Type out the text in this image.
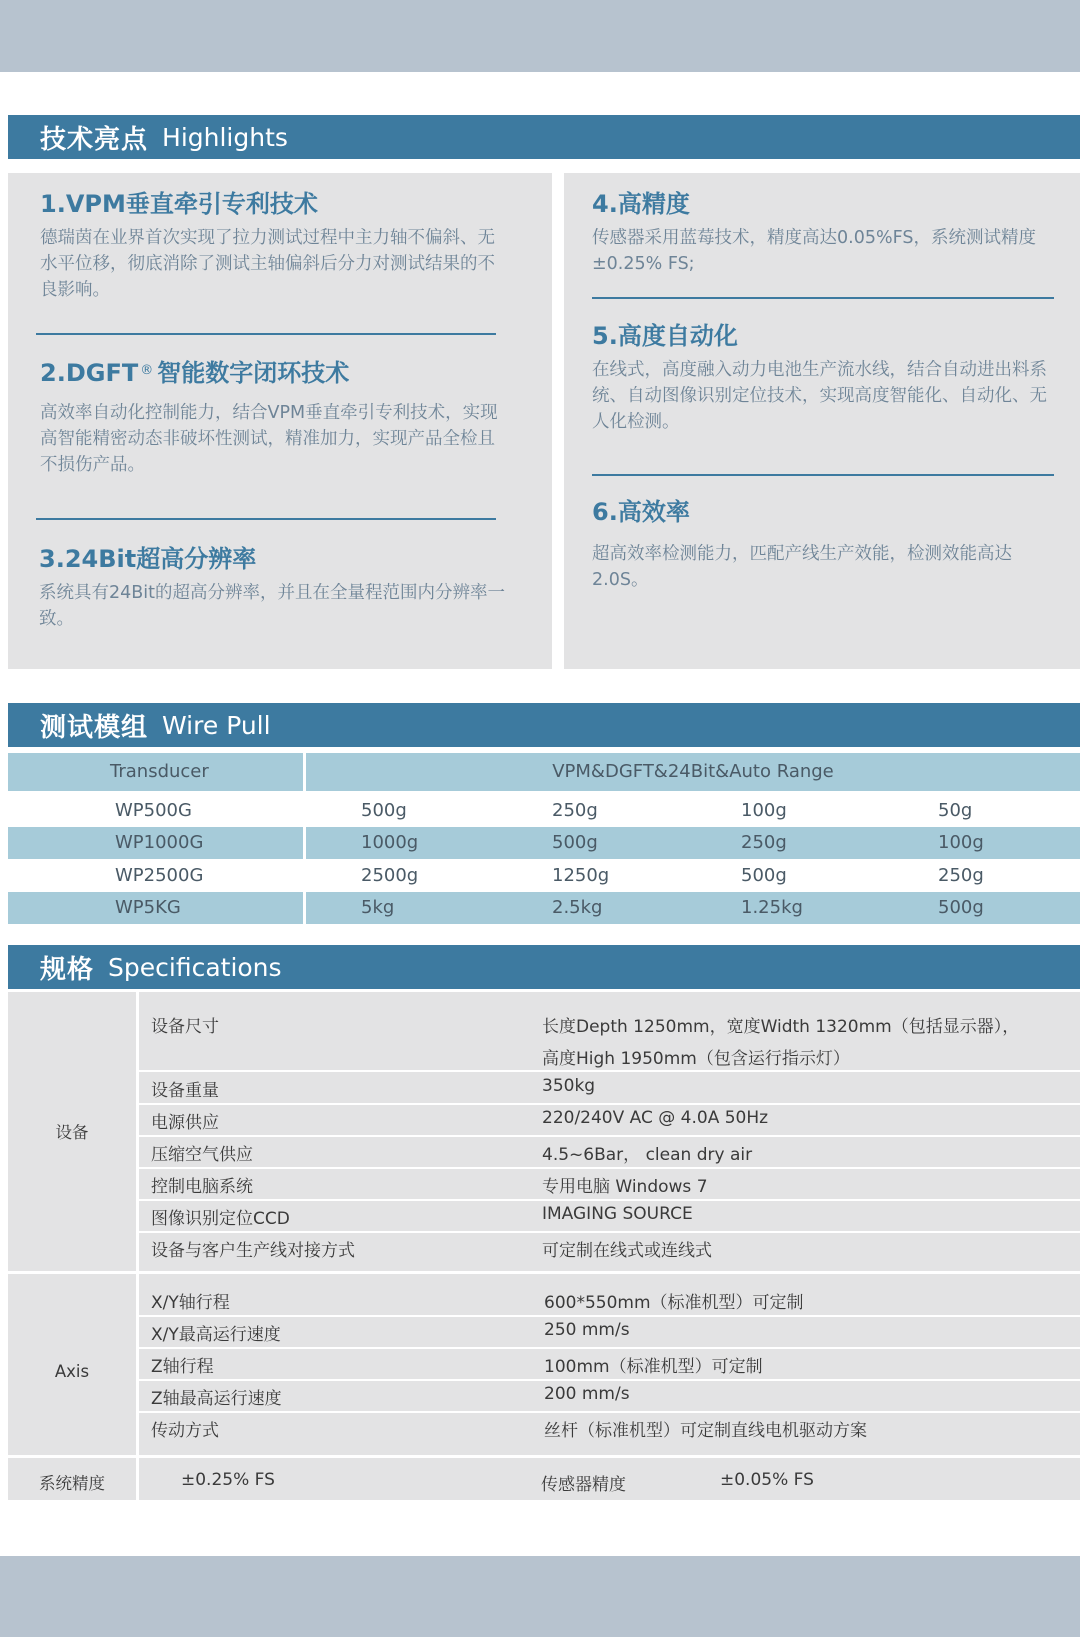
技术亮点 Highlights
1.VPM垂直牵引专利技术
德瑞茵在业界首次实现了拉力测试过程中主力轴不偏斜、无水平位移，彻底消除了测试主轴偏斜后分力对测试结果的不良影响。
2.DGFT ® 智能数字闭环技术
高效率自动化控制能力，结合VPM垂直牵引专利技术，实现高智能精密动态非破坏性测试，精准加力，实现产品全检且不损伤产品。
3.24Bit超高分辨率
系统具有24Bit的超高分辨率，并且在全量程范围内分辨率一致。
4.高精度
传感器采用蓝莓技术，精度高达0.05%FS，系统测试精度 ±0.25% FS;
5.高度自动化
在线式，高度融入动力电池生产流水线，结合自动进出料系统、自动图像识别定位技术，实现高度智能化、自动化、无人化检测。
6.高效率
超高效率检测能力，匹配产线生产效能，检测效能高达2.0S。
测试模组 Wire Pull
Transducer	VPM&DGFT&24Bit&Auto Range
WP500G	500g	250g	100g	50g
WP1000G	1000g	500g	250g	100g
WP2500G	2500g	1250g	500g	250g
WP5KG	5kg	2.5kg	1.25kg	500g
规格 Specifications
设备
设备尺寸	长度Depth 1250mm，宽度Width 1320mm（包括显示器），
高度High 1950mm（包含运行指示灯）
设备重量	350kg
电源供应	220/240V AC @ 4.0A 50Hz
压缩空气供应	4.5~6Bar， clean dry air
控制电脑系统	专用电脑 Windows 7
图像识别定位CCD	IMAGING SOURCE
设备与客户生产线对接方式	可定制在线式或连线式
Axis
X/Y轴行程	600*550mm（标准机型）可定制
X/Y最高运行速度	250 mm/s
Z轴行程	100mm（标准机型）可定制
Z轴最高运行速度	200 mm/s
传动方式	丝杆（标准机型）可定制直线电机驱动方案
系统精度	±0.25% FS	传感器精度	±0.05% FS
